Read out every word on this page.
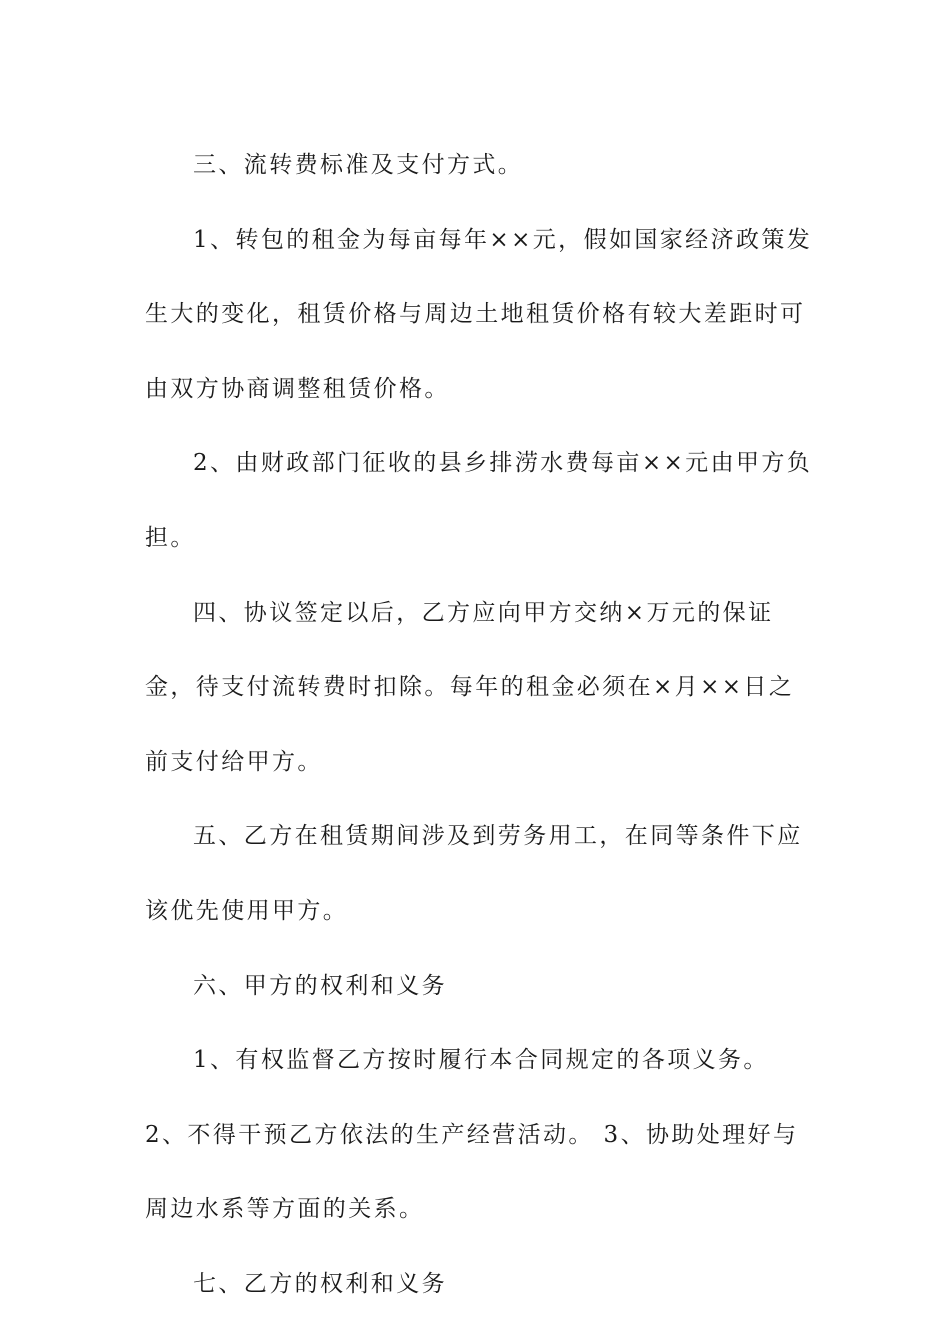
三、流转费标准及支付方式。

1、转包的租金为每亩每年××元，假如国家经济政策发生大的变化，租赁价格与周边土地租赁价格有较大差距时可由双方协商调整租赁价格。

2、由财政部门征收的县乡排涝水费每亩××元由甲方负担。

四、协议签定以后，乙方应向甲方交纳×万元的保证金，待支付流转费时扣除。每年的租金必须在×月××日之前支付给甲方。

五、乙方在租赁期间涉及到劳务用工，在同等条件下应该优先使用甲方。

六、甲方的权利和义务

1、有权监督乙方按时履行本合同规定的各项义务。 2、不得干预乙方依法的生产经营活动。 3、协助处理好与周边水系等方面的关系。

七、乙方的权利和义务
